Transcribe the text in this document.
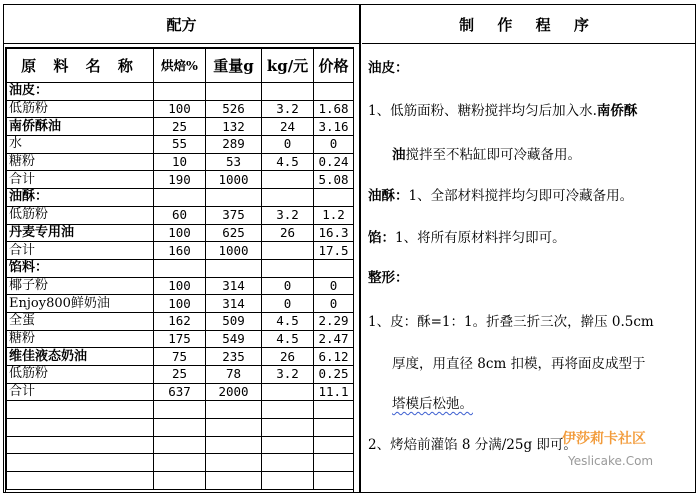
配方	制 作 程 序
原 料 名 称	烘焙%	重量g	kg/元	价格
油皮：				
低筋粉	100	526	3.2	1.68
南侨酥油	25	132	24	3.16
水	55	289	0	0
糖粉	10	53	4.5	0.24
合计	190	1000		5.08
油酥：				
低筋粉	60	375	3.2	1.2
丹麦专用油	100	625	26	16.3
合计	160	1000		17.5
馅料：				
椰子粉	100	314	0	0
Enjoy800鲜奶油	100	314	0	0
全蛋	162	509	4.5	2.29
糖粉	175	549	4.5	2.47
维佳液态奶油	75	235	26	6.12
低筋粉	25	78	3.2	0.25
合计	637	2000		11.1

油皮：
1、低筋面粉、糖粉搅拌均匀后加入水.南侨酥
油搅拌至不粘缸即可冷藏备用。
油酥：1、全部材料搅拌均匀即可冷藏备用。
馅：1、将所有原材料拌匀即可。
整形：
1、皮：酥=1：1。折叠三折三次，擀压 0.5cm
厚度，用直径 8cm 扣模，再将面皮成型于
塔模后松弛。
2、烤焙前灌馅 8 分满/25g 即可。
伊莎莉卡社区
Yeslicake.Com
